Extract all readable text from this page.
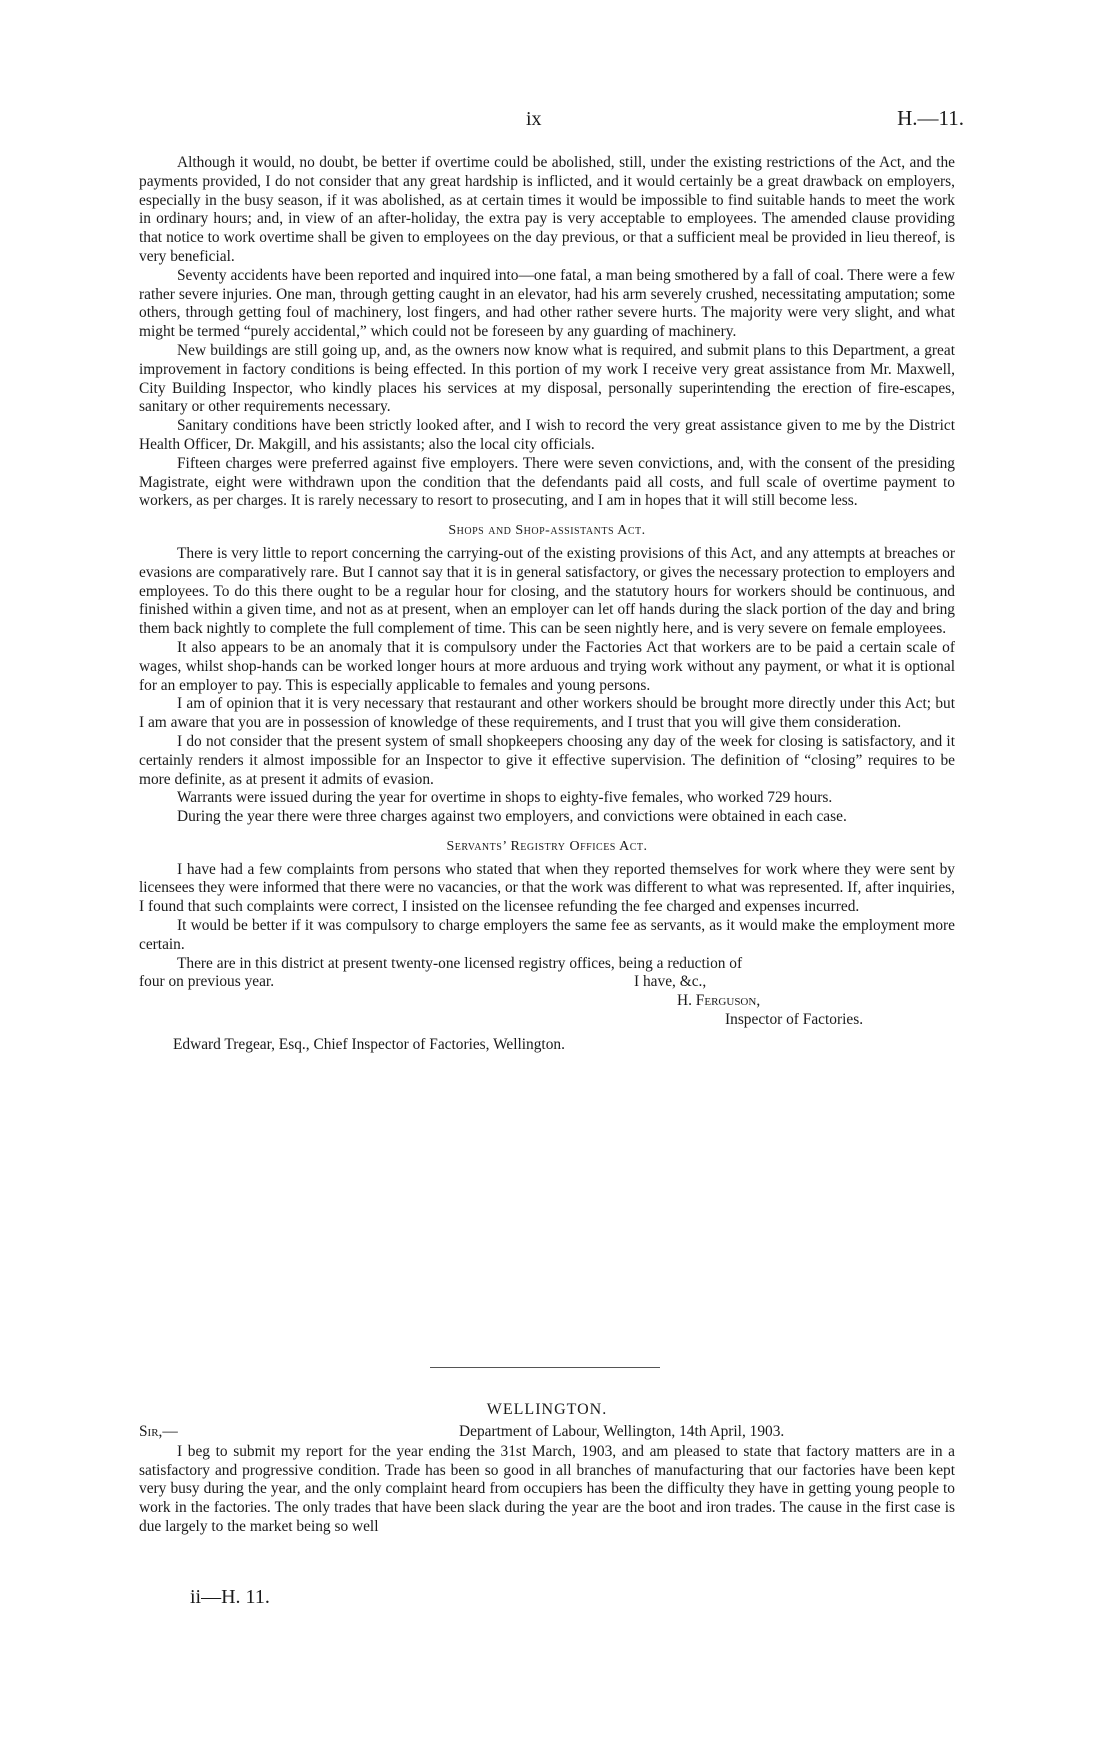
ix	H.—11.

Although it would, no doubt, be better if overtime could be abolished, still, under the existing restrictions of the Act, and the payments provided, I do not consider that any great hardship is inflicted, and it would certainly be a great drawback on employers, especially in the busy season, if it was abolished, as at certain times it would be impossible to find suitable hands to meet the work in ordinary hours; and, in view of an after-holiday, the extra pay is very acceptable to employees. The amended clause providing that notice to work overtime shall be given to employees on the day previous, or that a sufficient meal be provided in lieu thereof, is very beneficial.

Seventy accidents have been reported and inquired into—one fatal, a man being smothered by a fall of coal. There were a few rather severe injuries. One man, through getting caught in an elevator, had his arm severely crushed, necessitating amputation; some others, through getting foul of machinery, lost fingers, and had other rather severe hurts. The majority were very slight, and what might be termed “purely accidental,” which could not be foreseen by any guarding of machinery.

New buildings are still going up, and, as the owners now know what is required, and submit plans to this Department, a great improvement in factory conditions is being effected. In this portion of my work I receive very great assistance from Mr. Maxwell, City Building Inspector, who kindly places his services at my disposal, personally superintending the erection of fire-escapes, sanitary or other requirements necessary.

Sanitary conditions have been strictly looked after, and I wish to record the very great assistance given to me by the District Health Officer, Dr. Makgill, and his assistants; also the local city officials.

Fifteen charges were preferred against five employers. There were seven convictions, and, with the consent of the presiding Magistrate, eight were withdrawn upon the condition that the defendants paid all costs, and full scale of overtime payment to workers, as per charges. It is rarely necessary to resort to prosecuting, and I am in hopes that it will still become less.

Shops and Shop-assistants Act.

There is very little to report concerning the carrying-out of the existing provisions of this Act, and any attempts at breaches or evasions are comparatively rare. But I cannot say that it is in general satisfactory, or gives the necessary protection to employers and employees. To do this there ought to be a regular hour for closing, and the statutory hours for workers should be continuous, and finished within a given time, and not as at present, when an employer can let off hands during the slack portion of the day and bring them back nightly to complete the full complement of time. This can be seen nightly here, and is very severe on female employees.

It also appears to be an anomaly that it is compulsory under the Factories Act that workers are to be paid a certain scale of wages, whilst shop-hands can be worked longer hours at more arduous and trying work without any payment, or what it is optional for an employer to pay. This is especially applicable to females and young persons.

I am of opinion that it is very necessary that restaurant and other workers should be brought more directly under this Act; but I am aware that you are in possession of knowledge of these requirements, and I trust that you will give them consideration.

I do not consider that the present system of small shopkeepers choosing any day of the week for closing is satisfactory, and it certainly renders it almost impossible for an Inspector to give it effective supervision. The definition of “closing” requires to be more definite, as at present it admits of evasion.

Warrants were issued during the year for overtime in shops to eighty-five females, who worked 729 hours.

During the year there were three charges against two employers, and convictions were obtained in each case.

Servants’ Registry Offices Act.

I have had a few complaints from persons who stated that when they reported themselves for work where they were sent by licensees they were informed that there were no vacancies, or that the work was different to what was represented. If, after inquiries, I found that such complaints were correct, I insisted on the licensee refunding the fee charged and expenses incurred.

It would be better if it was compulsory to charge employers the same fee as servants, as it would make the employment more certain.

There are in this district at present twenty-one licensed registry offices, being a reduction of

four on previous year.	I have, &c.,
H. Ferguson,
Inspector of Factories.
Edward Tregear, Esq., Chief Inspector of Factories, Wellington.
WELLINGTON.
Sir,—	Department of Labour, Wellington, 14th April, 1903.

I beg to submit my report for the year ending the 31st March, 1903, and am pleased to state that factory matters are in a satisfactory and progressive condition. Trade has been so good in all branches of manufacturing that our factories have been kept very busy during the year, and the only complaint heard from occupiers has been the difficulty they have in getting young people to work in the factories. The only trades that have been slack during the year are the boot and iron trades. The cause in the first case is due largely to the market being so well

ii—H. 11.
